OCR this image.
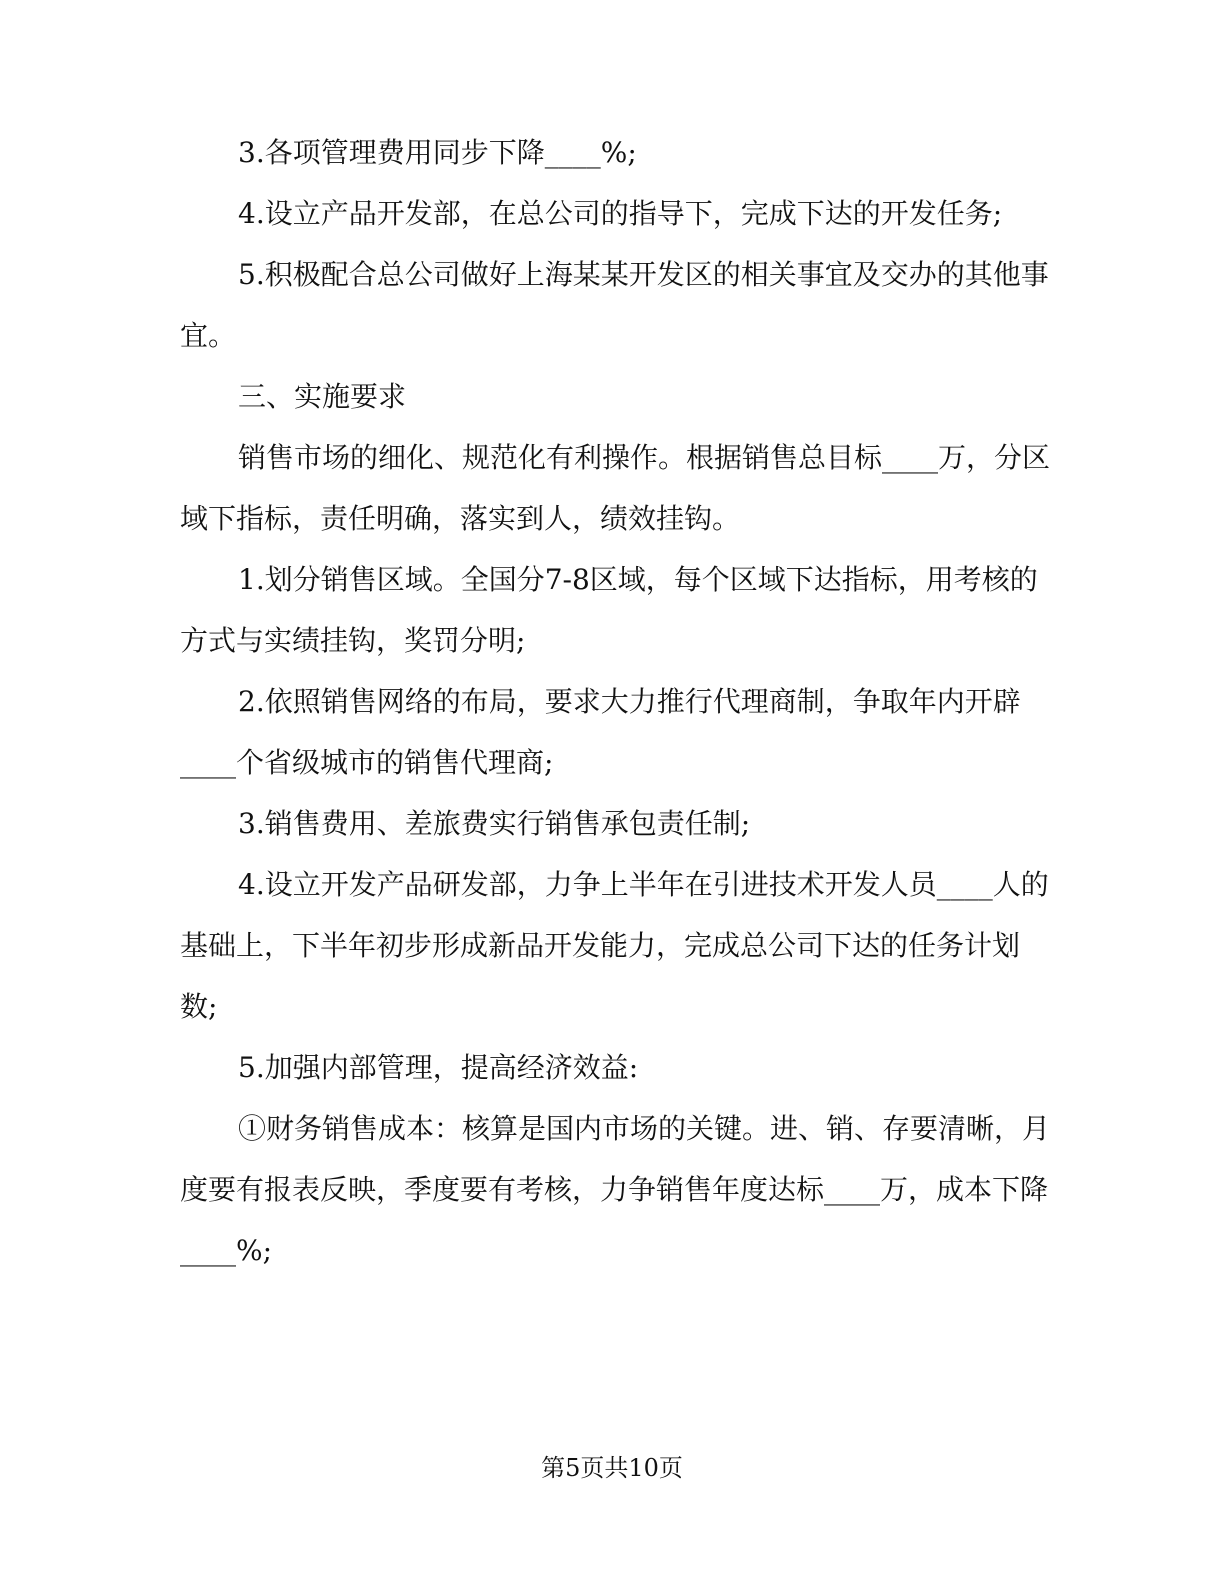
3.各项管理费用同步下降____%;

4.设立产品开发部，在总公司的指导下，完成下达的开发任务;

5.积极配合总公司做好上海某某开发区的相关事宜及交办的其他事宜。

三、实施要求

销售市场的细化、规范化有利操作。根据销售总目标____万，分区域下指标，责任明确，落实到人，绩效挂钩。

1.划分销售区域。全国分7-8区域，每个区域下达指标，用考核的方式与实绩挂钩，奖罚分明;

2.依照销售网络的布局，要求大力推行代理商制，争取年内开辟____个省级城市的销售代理商;

3.销售费用、差旅费实行销售承包责任制;

4.设立开发产品研发部，力争上半年在引进技术开发人员____人的基础上，下半年初步形成新品开发能力，完成总公司下达的任务计划数;

5.加强内部管理，提高经济效益:

①财务销售成本：核算是国内市场的关键。进、销、存要清晰，月度要有报表反映，季度要有考核，力争销售年度达标____万，成本下降____%;

第5页共10页
